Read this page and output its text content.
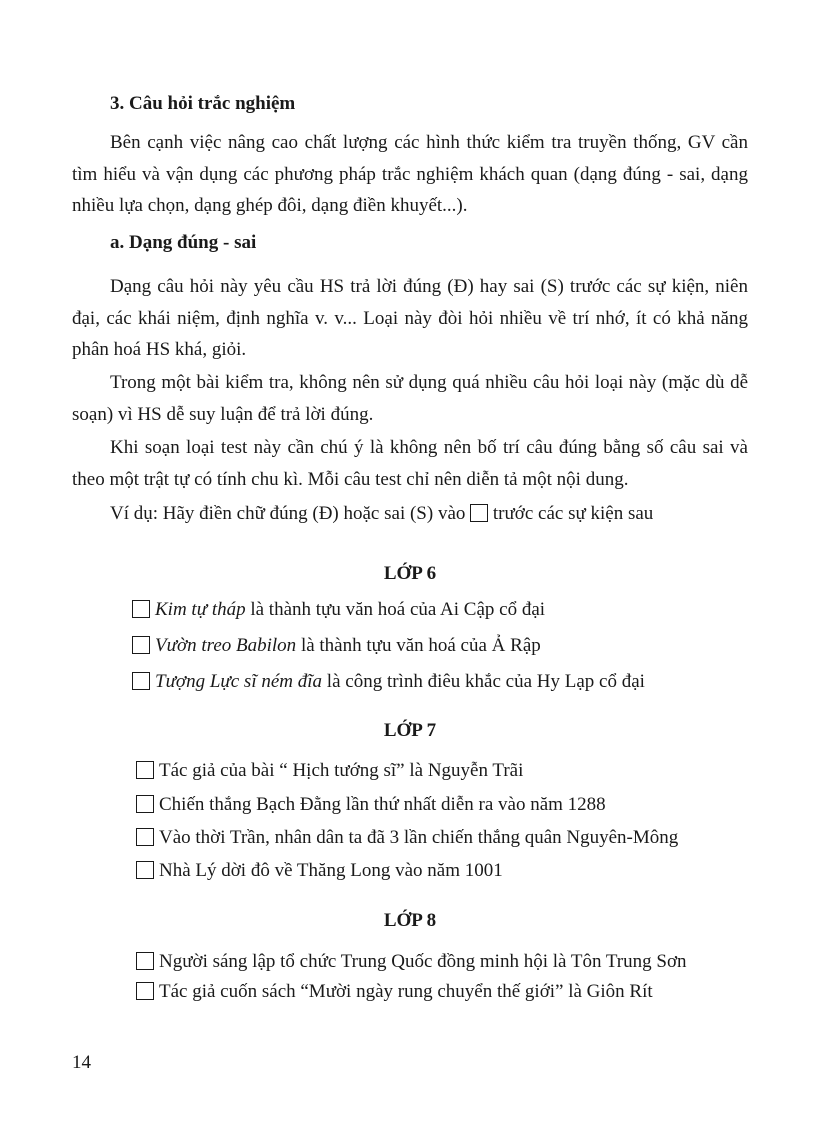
3. Câu hỏi trắc nghiệm

Bên cạnh việc nâng cao chất lượng các hình thức kiểm tra truyền thống, GV cần tìm hiểu và vận dụng các phương pháp trắc nghiệm khách quan (dạng đúng - sai, dạng nhiều lựa chọn, dạng ghép đôi, dạng điền khuyết...).

a. Dạng đúng - sai

Dạng câu hỏi này yêu cầu HS trả lời đúng (Đ) hay sai (S) trước các sự kiện, niên đại, các khái niệm, định nghĩa v. v... Loại này đòi hỏi nhiều về trí nhớ, ít có khả năng phân hoá HS khá, giỏi.

Trong một bài kiểm tra, không nên sử dụng quá nhiều câu hỏi loại này (mặc dù dễ soạn) vì HS dễ suy luận để trả lời đúng.

Khi soạn loại test này cần chú ý là không nên bố trí câu đúng bằng số câu sai và theo một trật tự có tính chu kì. Mỗi câu test chỉ nên diễn tả một nội dung.

Ví dụ: Hãy điền chữ đúng (Đ) hoặc sai (S) vào trước các sự kiện sau
LỚP 6
Kim tự tháp là thành tựu văn hoá của Ai Cập cổ đại
Vườn treo Babilon là thành tựu văn hoá của Ả Rập
Tượng Lực sĩ ném đĩa là công trình điêu khắc của Hy Lạp cổ đại
LỚP 7
Tác giả của bài “ Hịch tướng sĩ” là Nguyễn Trãi
Chiến thắng Bạch Đằng lần thứ nhất diễn ra vào năm 1288
Vào thời Trần, nhân dân ta đã 3 lần chiến thắng quân Nguyên-Mông
Nhà Lý dời đô về Thăng Long vào năm 1001
LỚP 8
Người sáng lập tổ chức Trung Quốc đồng minh hội là Tôn Trung Sơn
Tác giả cuốn sách “Mười ngày rung chuyển thế giới” là Giôn Rít
14
